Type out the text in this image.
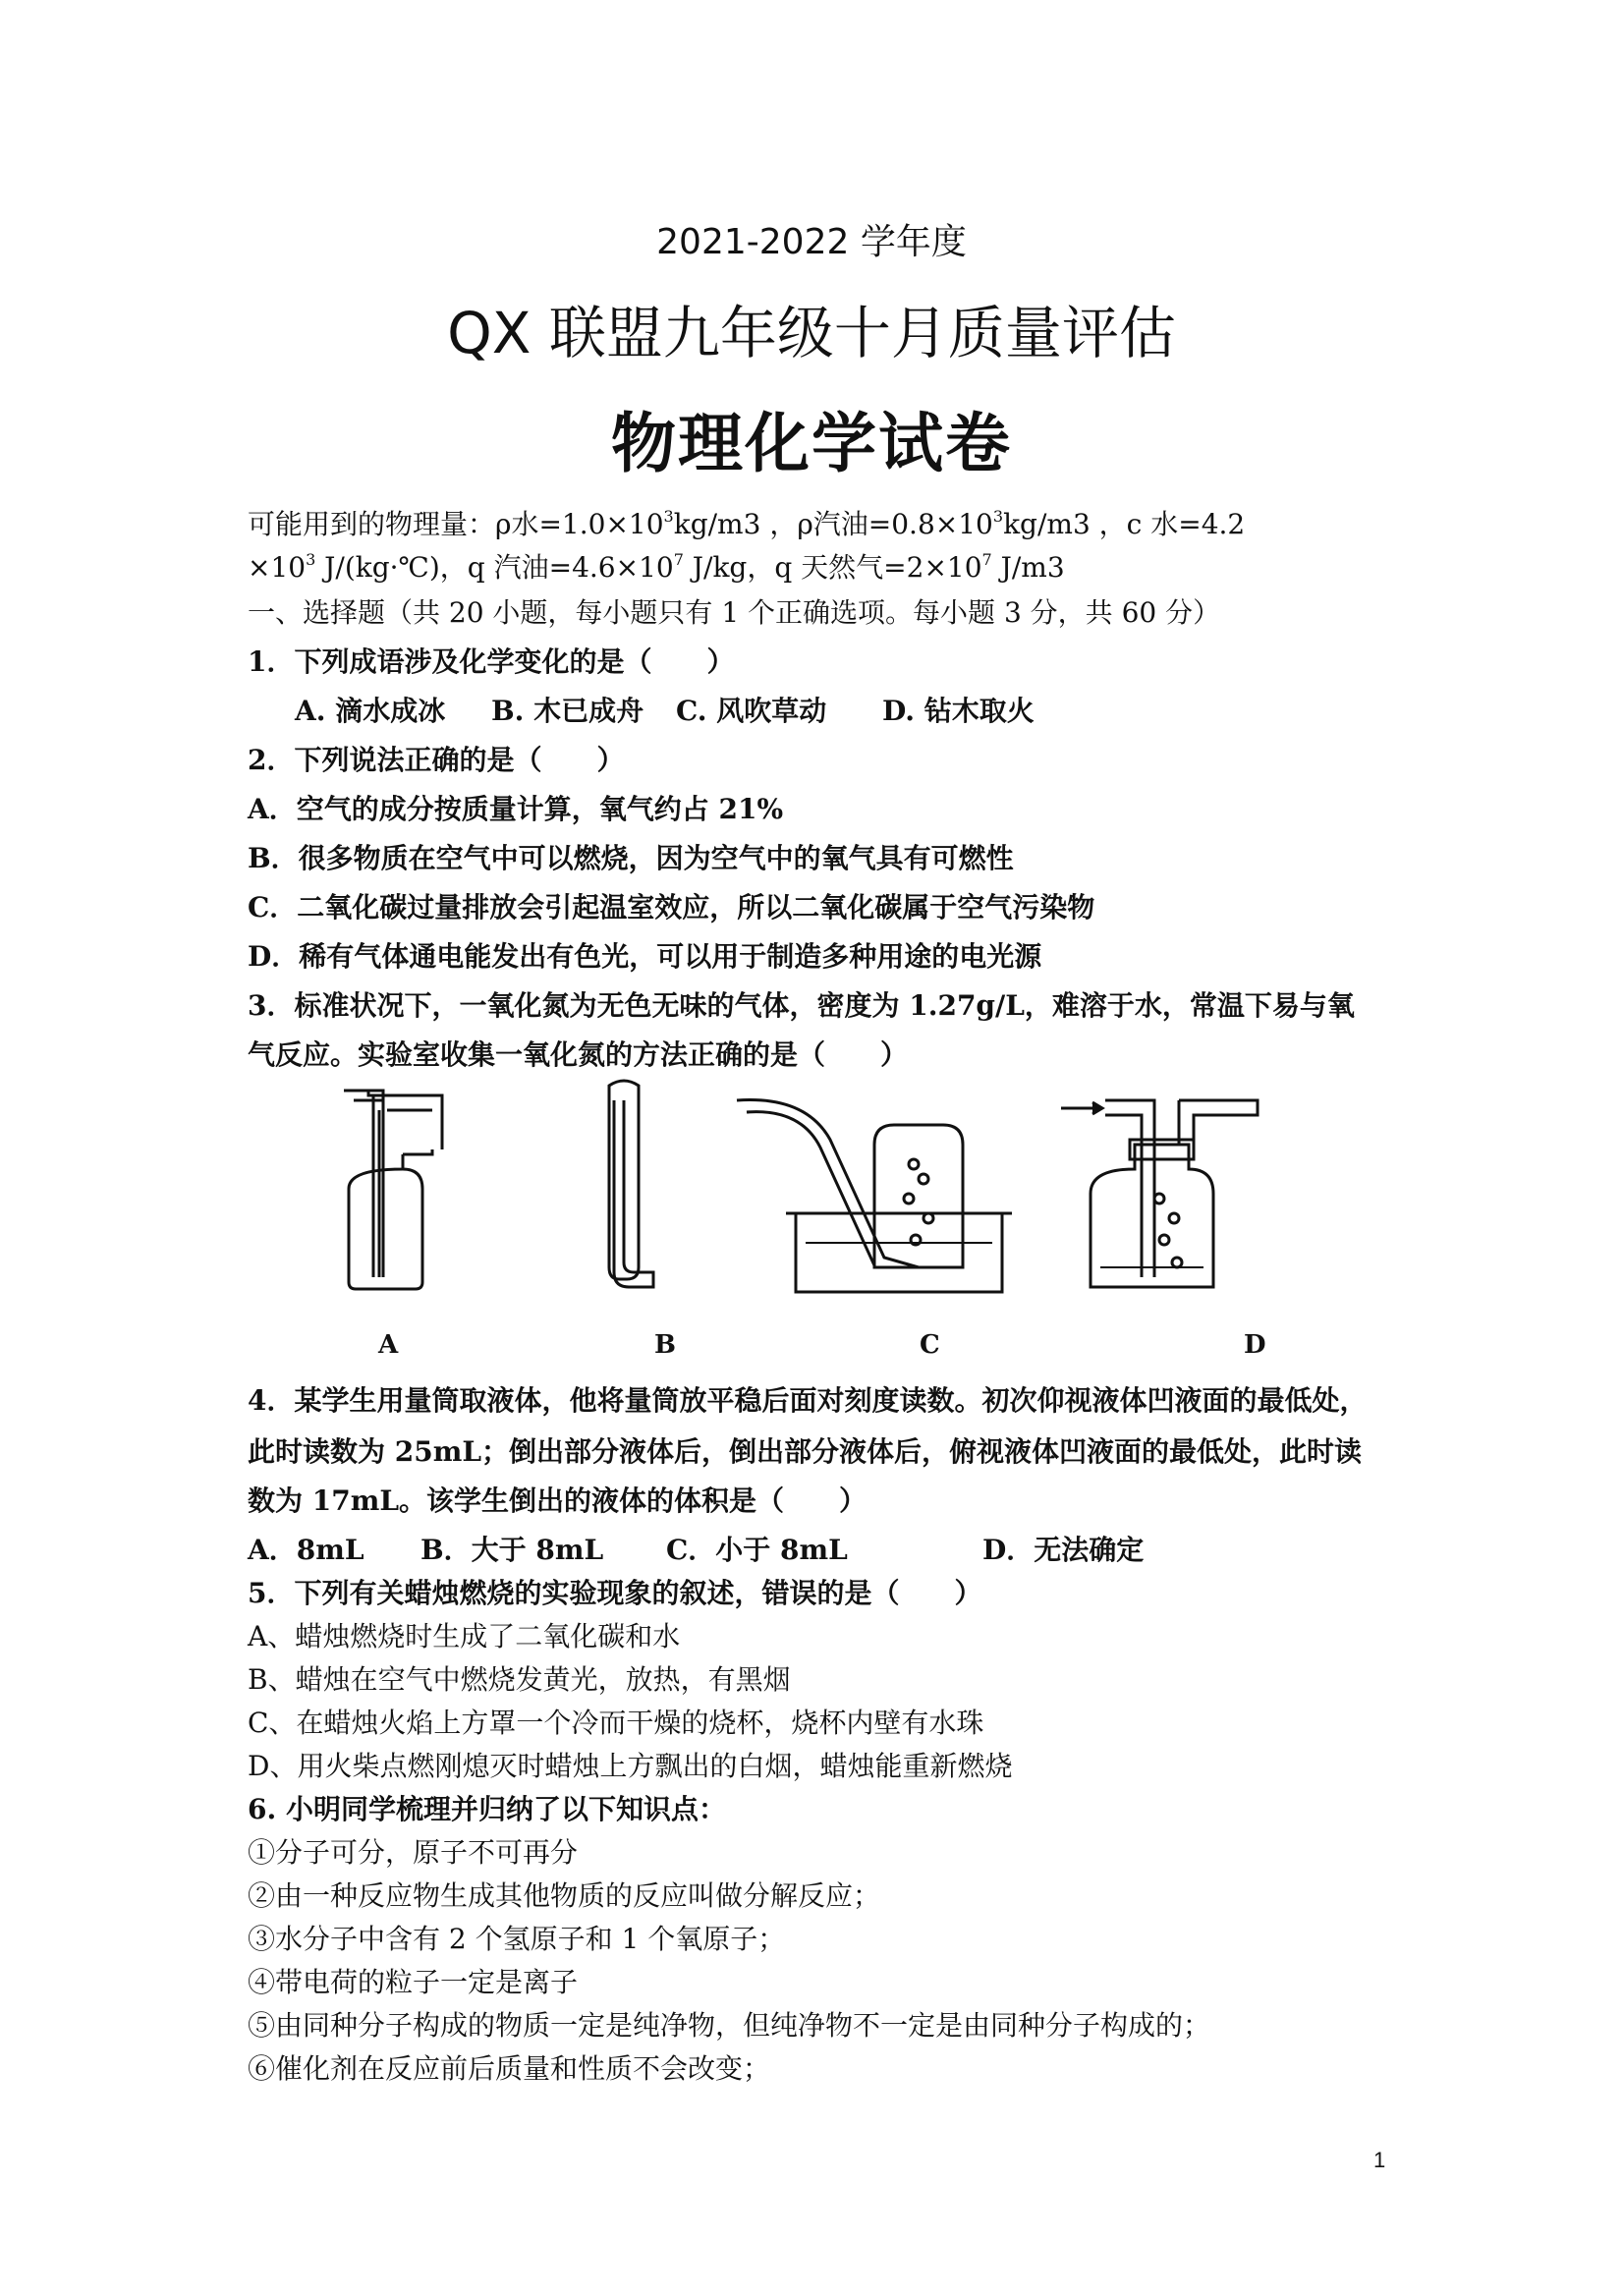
2021-2022 学年度
QX 联盟九年级十月质量评估
物理化学试卷
可能用到的物理量：ρ水$=1.0\times 10^3kg/m3$ ，ρ汽油$=0.8\times 10^3kg/m3$ ，c 水=4.2
$\times 10^3$ J/(kg·℃)，q 汽油$=4.6\times 10^7$ J/kg，q 天然气$=2\times 10^7$ J/m3
一、选择题（共 20 小题，每小题只有 1 个正确选项。每小题 3 分，共 60 分）
1．下列成语涉及化学变化的是（　　）
A. 滴水成冰 B. 木已成舟 C. 风吹草动 D. 钻木取火
2．下列说法正确的是（　　）
A．空气的成分按质量计算，氧气约占 21%
B．很多物质在空气中可以燃烧，因为空气中的氧气具有可燃性
C．二氧化碳过量排放会引起温室效应，所以二氧化碳属于空气污染物
D．稀有气体通电能发出有色光，可以用于制造多种用途的电光源
3．标准状况下，一氧化氮为无色无味的气体，密度为 1.27g/L，难溶于水，常温下易与氧
气反应。实验室收集一氧化氮的方法正确的是（　　）
A	B	C	D
4．某学生用量筒取液体，他将量筒放平稳后面对刻度读数。初次仰视液体凹液面的最低处，
此时读数为 25mL；倒出部分液体后，倒出部分液体后，俯视液体凹液面的最低处，此时读
数为 17mL。该学生倒出的液体的体积是（　　）
A．8mL B．大于 8mL C．小于 8mL	D．无法确定
5．下列有关蜡烛燃烧的实验现象的叙述，错误的是（　　）
A、蜡烛燃烧时生成了二氧化碳和水
B、蜡烛在空气中燃烧发黄光，放热，有黑烟
C、在蜡烛火焰上方罩一个冷而干燥的烧杯，烧杯内壁有水珠
D、用火柴点燃刚熄灭时蜡烛上方飘出的白烟，蜡烛能重新燃烧
6. 小明同学梳理并归纳了以下知识点：
①分子可分，原子不可再分
②由一种反应物生成其他物质的反应叫做分解反应；
③水分子中含有 2 个氢原子和 1 个氧原子；
④带电荷的粒子一定是离子
⑤由同种分子构成的物质一定是纯净物，但纯净物不一定是由同种分子构成的；
⑥催化剂在反应前后质量和性质不会改变；
1
